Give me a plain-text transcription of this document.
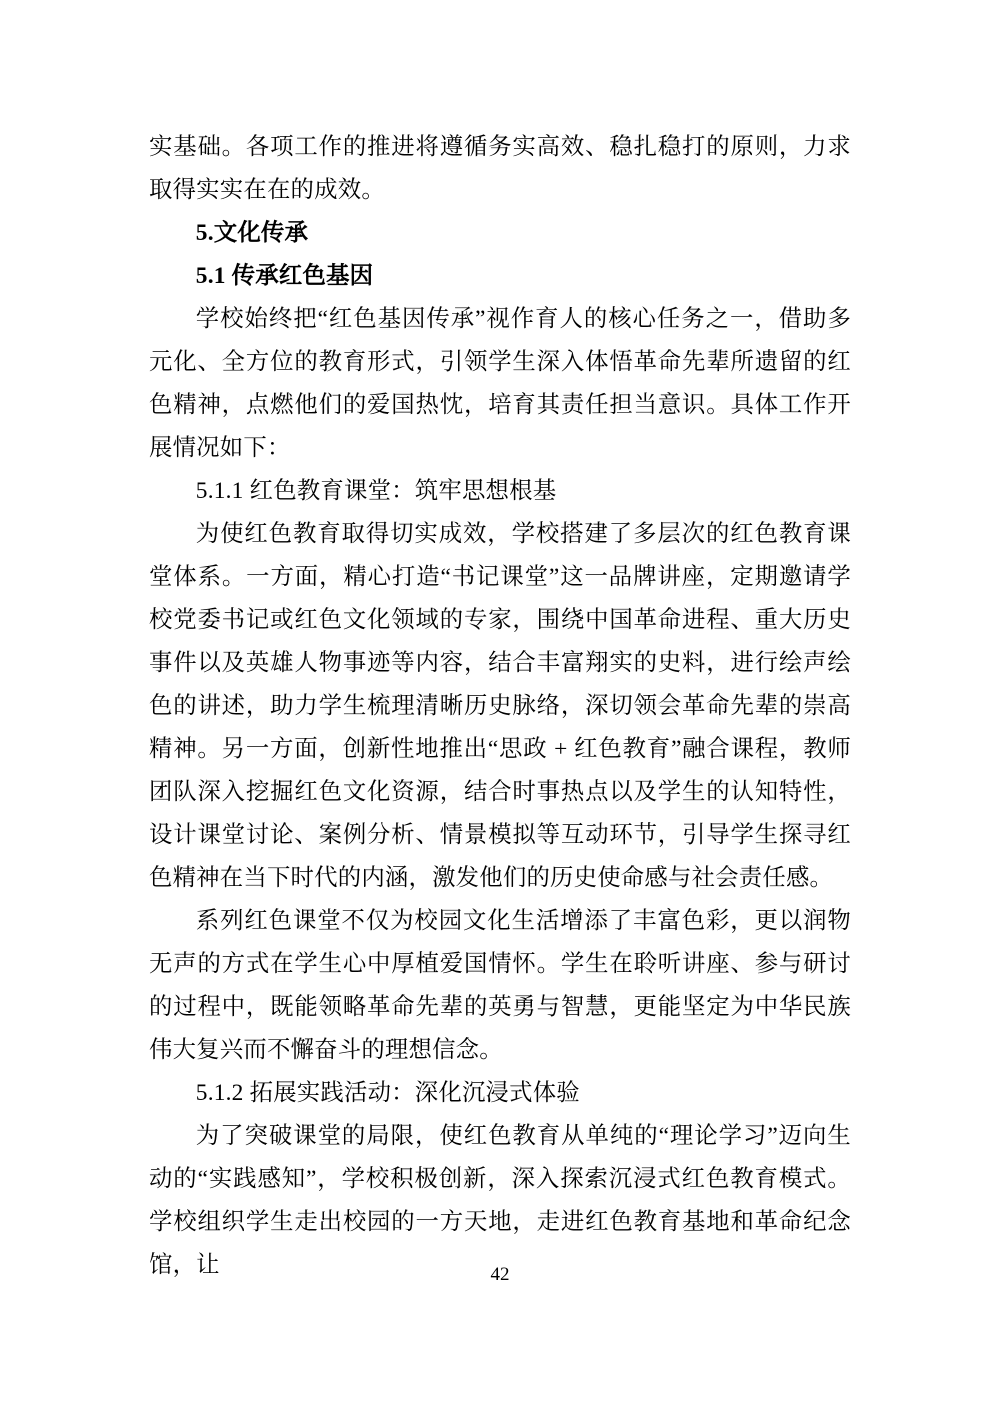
实基础。各项工作的推进将遵循务实高效、稳扎稳打的原则，力求取得实实在在的成效。

5.文化传承

5.1 传承红色基因

学校始终把“红色基因传承”视作育人的核心任务之一，借助多元化、全方位的教育形式，引领学生深入体悟革命先辈所遗留的红色精神，点燃他们的爱国热忱，培育其责任担当意识。具体工作开展情况如下：

5.1.1 红色教育课堂：筑牢思想根基

为使红色教育取得切实成效，学校搭建了多层次的红色教育课堂体系。一方面，精心打造“书记课堂”这一品牌讲座，定期邀请学校党委书记或红色文化领域的专家，围绕中国革命进程、重大历史事件以及英雄人物事迹等内容，结合丰富翔实的史料，进行绘声绘色的讲述，助力学生梳理清晰历史脉络，深切领会革命先辈的崇高精神。另一方面，创新性地推出“思政 + 红色教育”融合课程，教师团队深入挖掘红色文化资源，结合时事热点以及学生的认知特性，设计课堂讨论、案例分析、情景模拟等互动环节，引导学生探寻红色精神在当下时代的内涵，激发他们的历史使命感与社会责任感。

系列红色课堂不仅为校园文化生活增添了丰富色彩，更以润物无声的方式在学生心中厚植爱国情怀。学生在聆听讲座、参与研讨的过程中，既能领略革命先辈的英勇与智慧，更能坚定为中华民族伟大复兴而不懈奋斗的理想信念。

5.1.2 拓展实践活动：深化沉浸式体验

为了突破课堂的局限，使红色教育从单纯的“理论学习”迈向生动的“实践感知”，学校积极创新，深入探索沉浸式红色教育模式。学校组织学生走出校园的一方天地，走进红色教育基地和革命纪念馆，让	42
